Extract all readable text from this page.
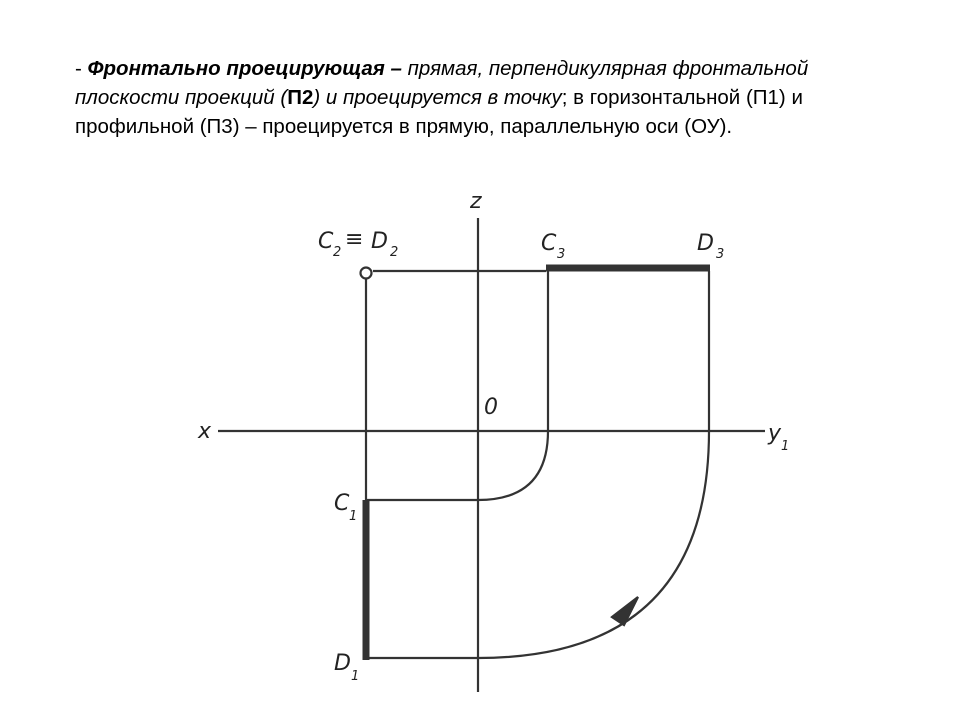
- Фронтально проецирующая – прямая, перпендикулярная фронтальной плоскости проекций (П2) и проецируется в точку; в горизонтальной (П1) и профильной (П3) – проецируется в прямую, параллельную оси (ОУ).
z
x	y
1
0
C 2
≡ D 2	C 3	D 3
C
1
D
1
